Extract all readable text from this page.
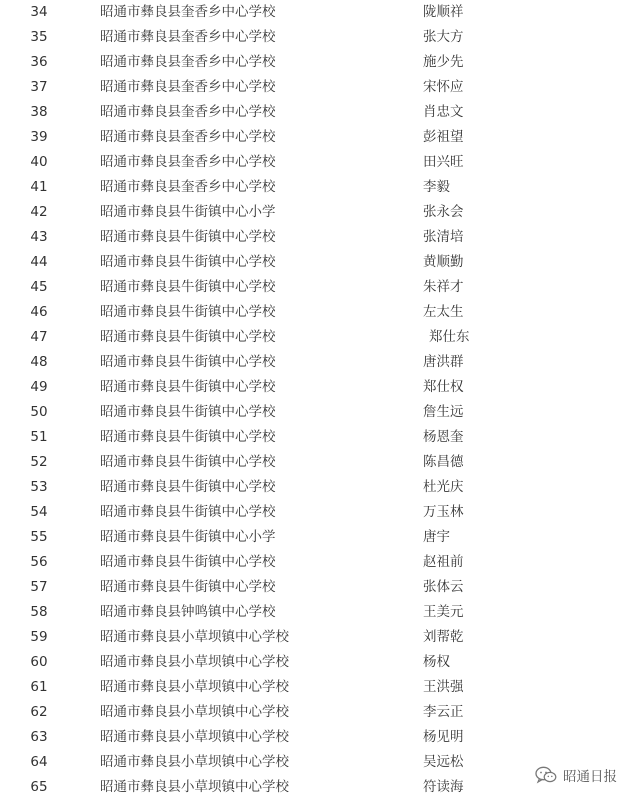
34	昭通市彝良县奎香乡中心学校	陇顺祥
35	昭通市彝良县奎香乡中心学校	张大方
36	昭通市彝良县奎香乡中心学校	施少先
37	昭通市彝良县奎香乡中心学校	宋怀应
38	昭通市彝良县奎香乡中心学校	肖忠文
39	昭通市彝良县奎香乡中心学校	彭祖望
40	昭通市彝良县奎香乡中心学校	田兴旺
41	昭通市彝良县奎香乡中心学校	李毅
42	昭通市彝良县牛街镇中心小学	张永会
43	昭通市彝良县牛街镇中心学校	张清培
44	昭通市彝良县牛街镇中心学校	黄顺勤
45	昭通市彝良县牛街镇中心学校	朱祥才
46	昭通市彝良县牛街镇中心学校	左太生
47	昭通市彝良县牛街镇中心学校	郑仕东
48	昭通市彝良县牛街镇中心学校	唐洪群
49	昭通市彝良县牛街镇中心学校	郑仕权
50	昭通市彝良县牛街镇中心学校	詹生远
51	昭通市彝良县牛街镇中心学校	杨恩奎
52	昭通市彝良县牛街镇中心学校	陈昌德
53	昭通市彝良县牛街镇中心学校	杜光庆
54	昭通市彝良县牛街镇中心学校	万玉林
55	昭通市彝良县牛街镇中心小学	唐宇
56	昭通市彝良县牛街镇中心学校	赵祖前
57	昭通市彝良县牛街镇中心学校	张体云
58	昭通市彝良县钟鸣镇中心学校	王美元
59	昭通市彝良县小草坝镇中心学校	刘帮乾
60	昭通市彝良县小草坝镇中心学校	杨权
61	昭通市彝良县小草坝镇中心学校	王洪强
62	昭通市彝良县小草坝镇中心学校	李云正
63	昭通市彝良县小草坝镇中心学校	杨见明
64	昭通市彝良县小草坝镇中心学校	吴远松
65	昭通市彝良县小草坝镇中心学校	符读海
昭通日报
